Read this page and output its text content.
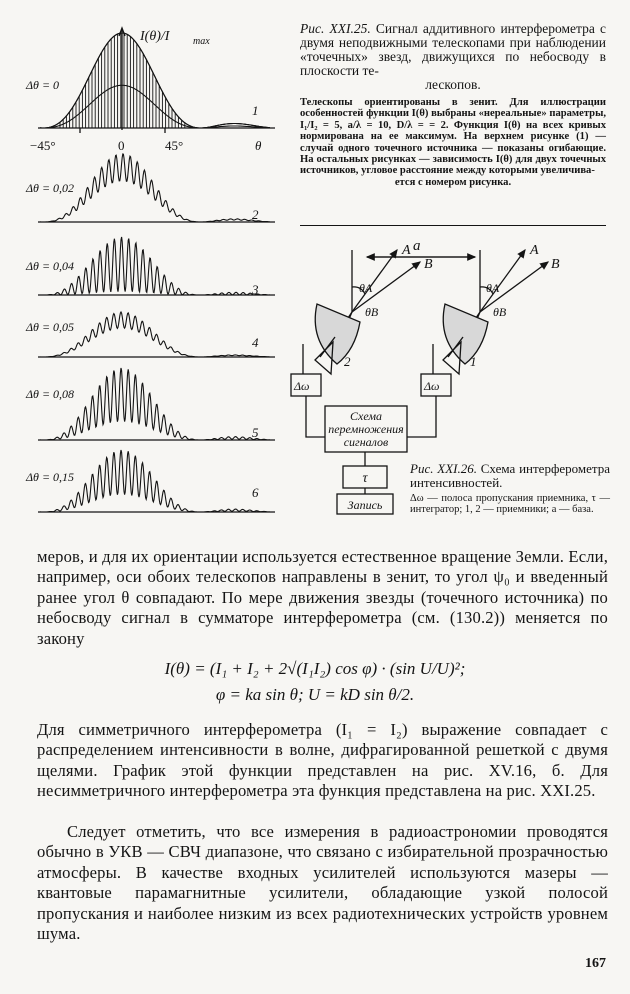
I(θ)/I max
−45°	0	45°	θ
Δθ = 0
1
Δθ = 0,02
2
Δθ = 0,04
3
Δθ = 0,05
4
Δθ = 0,08
5
Δθ = 0,15
6
Рис. XXI.25. Сигнал аддитивного интерферометра с двумя неподвижными телескопами при наблюдении «точечных» звезд, движущихся по небосводу в плоскости те-
лескопов.
Телескопы ориентированы в зенит. Для иллюстрации особенностей функции I(θ) выбраны «нереальные» параметры, I₁/I₂ = 5, a/λ = 10, D/λ = = 2. Функция I(θ) на всех кривых нормирована на ее максимум. На верхнем рисунке (1) — случай одного точечного источника — показаны огибающие. На остальных рисунках — зависимость I(θ) для двух точечных источников, угловое расстояние между которыми увеличива-
ется с номером рисунка.
a
A
B
A
B
θA
θB
θA
θB
2	1
Δω	Δω
Схема
перемножения
сигналов
τ
Запись
Рис. XXI.26. Схема интерферометра интенсивностей.
Δω — полоса пропускания приемника, τ — интегратор; 1, 2 — приемники; a — база.
меров, и для их ориентации используется естественное вращение Земли. Если, например, оси обоих телескопов направлены в зенит, то угол ψ₀ и введенный ранее угол θ совпадают. По мере движения звезды (точечного источника) по небосводу сигнал в сумматоре интерферометра (см. (130.2)) меняется по закону
I(θ) = (I₁ + I₂ + 2√(I₁I₂) cos φ) · (sin U/U)²;
φ = ka sin θ; U = kD sin θ/2.
Для симметричного интерферометра (I₁ = I₂) выражение совпадает с распределением интенсивности в волне, дифрагированной решеткой с двумя щелями. График этой функции представлен на рис. XV.16, б. Для несимметричного интерферометра эта функция представлена на рис. XXI.25.
Следует отметить, что все измерения в радиоастрономии проводятся обычно в УКВ — СВЧ диапазоне, что связано с избирательной прозрачностью атмосферы. В качестве входных усилителей используются мазеры — квантовые парамагнитные усилители, обладающие узкой полосой пропускания и наиболее низким из всех радиотехнических устройств уровнем шума.
167
